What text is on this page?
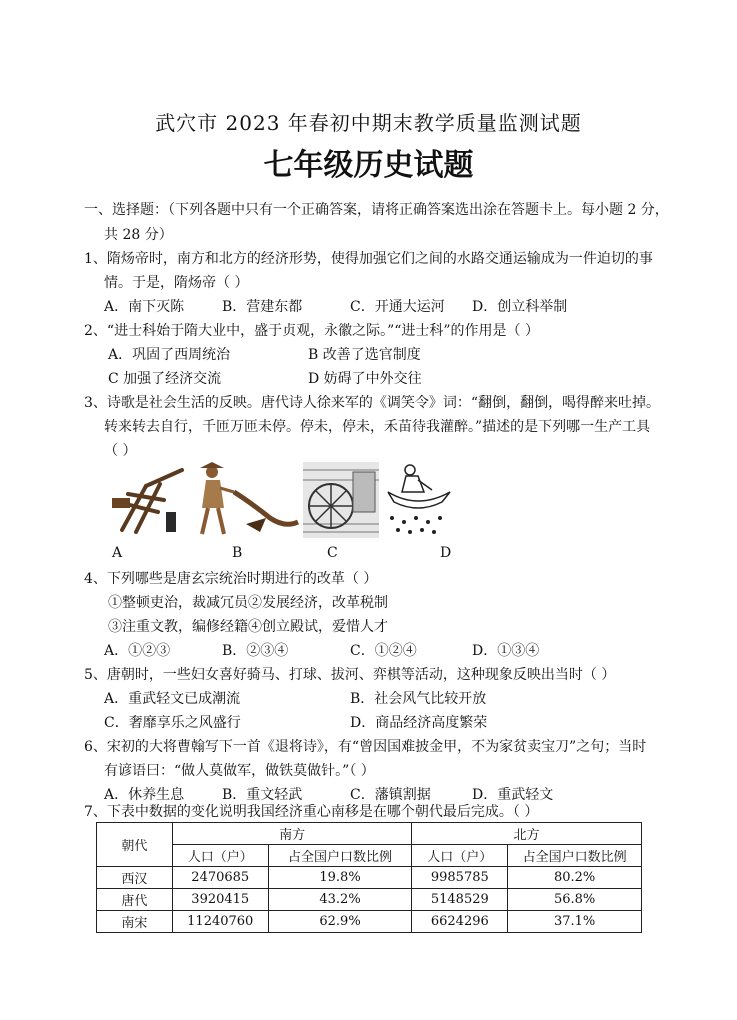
武穴市 2023 年春初中期末教学质量监测试题
七年级历史试题
一、选择题：（下列各题中只有一个正确答案，请将正确答案选出涂在答题卡上。每小题 2 分，
共 28 分）
1、隋炀帝时，南方和北方的经济形势，使得加强它们之间的水路交通运输成为一件迫切的事
情。于是，隋炀帝（ ）
A．南下灭陈	B．营建东都	C．开通大运河 D．创立科举制
2、“进士科始于隋大业中，盛于贞观，永徽之际。”“进士科”的作用是（ ）
A．巩固了西周统治	B 改善了选官制度
C 加强了经济交流	D 妨碍了中外交往
3、诗歌是社会生活的反映。唐代诗人徐来军的《调笑令》词：“翻倒，翻倒，喝得醉来吐掉。
转来转去自行，千匝万匝未停。停未，停未，禾苗待我灌醉。”描述的是下列哪一生产工具
（ ）
A	B	C	D
4、下列哪些是唐玄宗统治时期进行的改革（ ）
①整顿吏治，裁减冗员②发展经济，改革税制
③注重文教，编修经籍④创立殿试，爱惜人才
A．①②③	B．②③④	C．①②④	D．①③④
5、唐朝时，一些妇女喜好骑马、打球、拔河、弈棋等活动，这种现象反映出当时（ ）
A．重武轻文已成潮流	B．社会风气比较开放
C．奢靡享乐之风盛行	D．商品经济高度繁荣
6、宋初的大将曹翰写下一首《退将诗》，有“曾因国难披金甲，不为家贫卖宝刀”之句；当时
有谚语曰：“做人莫做军，做铁莫做针。”（ ）
A．休养生息	B．重文轻武	C．藩镇割据	D．重武轻文
7、下表中数据的变化说明我国经济重心南移是在哪个朝代最后完成。（ ）
朝代	南方		北方	
	人口（户）	占全国户口数比例	人口（户）	占全国户口数比例
西汉	2470685	19.8%	9985785	80.2%
唐代	3920415	43.2%	5148529	56.8%
南宋	11240760	62.9%	6624296	37.1%
